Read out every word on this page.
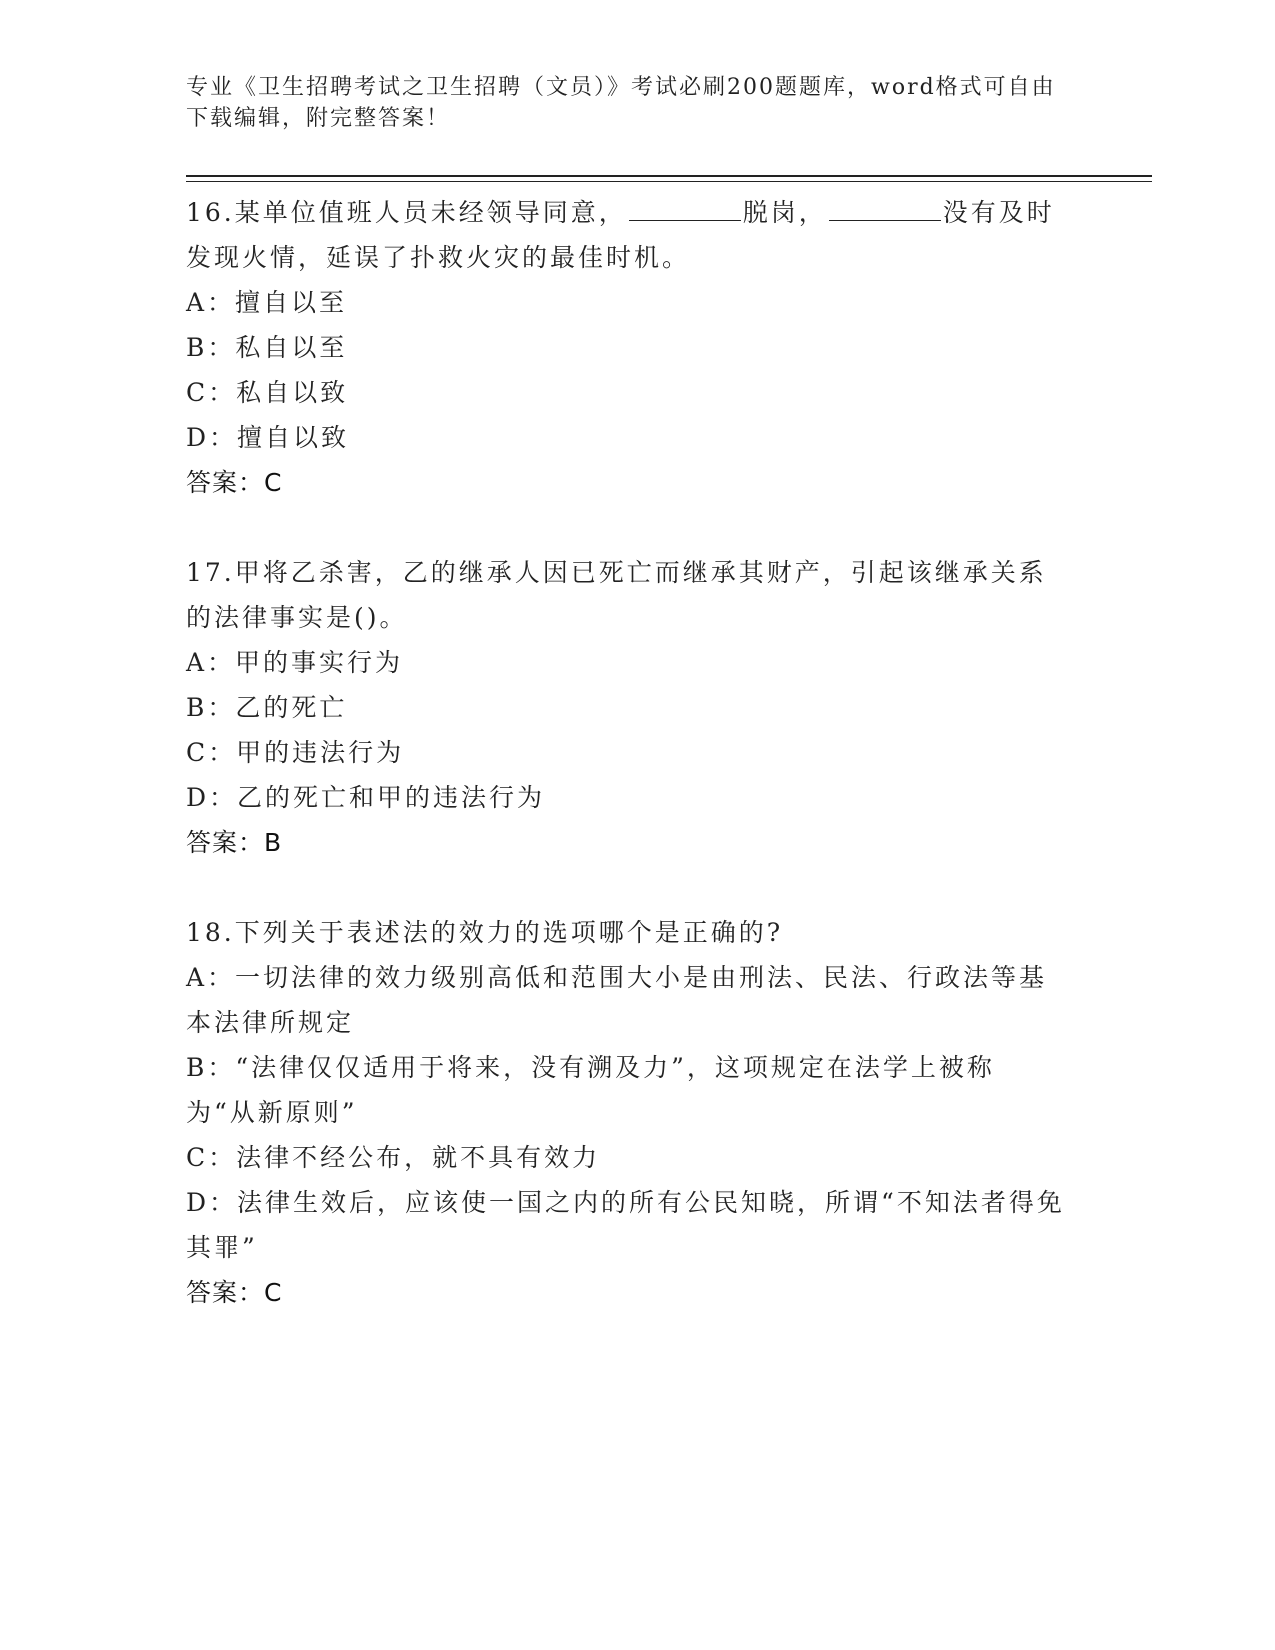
专业《卫生招聘考试之卫生招聘（文员）》考试必刷200题题库，word格式可自由下载编辑，附完整答案！
16.某单位值班人员未经领导同意，	脱岗，	没有及时发现火情，延误了扑救火灾的最佳时机。
A：擅自以至
B：私自以至
C：私自以致
D：擅自以致
答案：C
17.甲将乙杀害，乙的继承人因已死亡而继承其财产，引起该继承关系的法律事实是()。
A：甲的事实行为
B：乙的死亡
C：甲的违法行为
D：乙的死亡和甲的违法行为
答案：B
18.下列关于表述法的效力的选项哪个是正确的?
A：一切法律的效力级别高低和范围大小是由刑法、民法、行政法等基本法律所规定
B：“法律仅仅适用于将来，没有溯及力”，这项规定在法学上被称为“从新原则”
C：法律不经公布，就不具有效力
D：法律生效后，应该使一国之内的所有公民知晓，所谓“不知法者得免其罪”
答案：C
